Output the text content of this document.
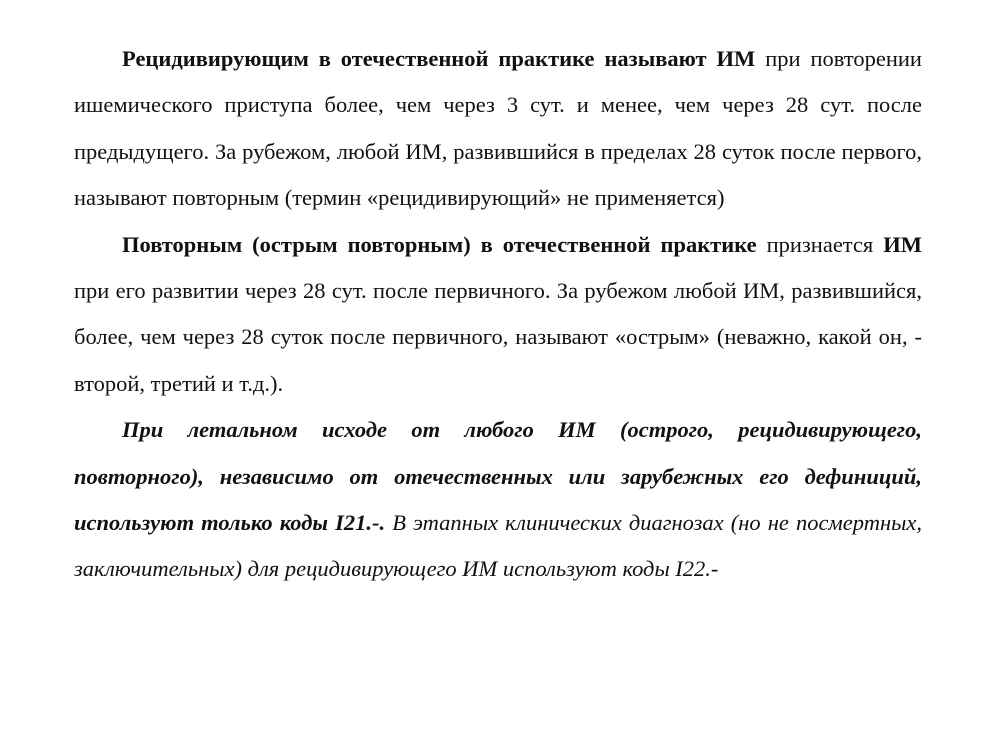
Рецидивирующим в отечественной практике называют ИМ при повторении ишемического приступа более, чем через 3 сут. и менее, чем через 28 сут. после предыдущего. За рубежом, любой ИМ, развившийся в пределах 28 суток после первого, называют повторным (термин «рецидивирующий» не применяется)

Повторным (острым повторным) в отечественной практике признается ИМ при его развитии через 28 сут. после первичного. За рубежом любой ИМ, развившийся, более, чем через 28 суток после первичного, называют «острым» (неважно, какой он, - второй, третий и т.д.).

При летальном исходе от любого ИМ (острого, рецидивирующего, повторного), независимо от отечественных или зарубежных его дефиниций, используют только коды I21.-. В этапных клинических диагнозах (но не посмертных, заключительных) для рецидивирующего ИМ используют коды I22.-
